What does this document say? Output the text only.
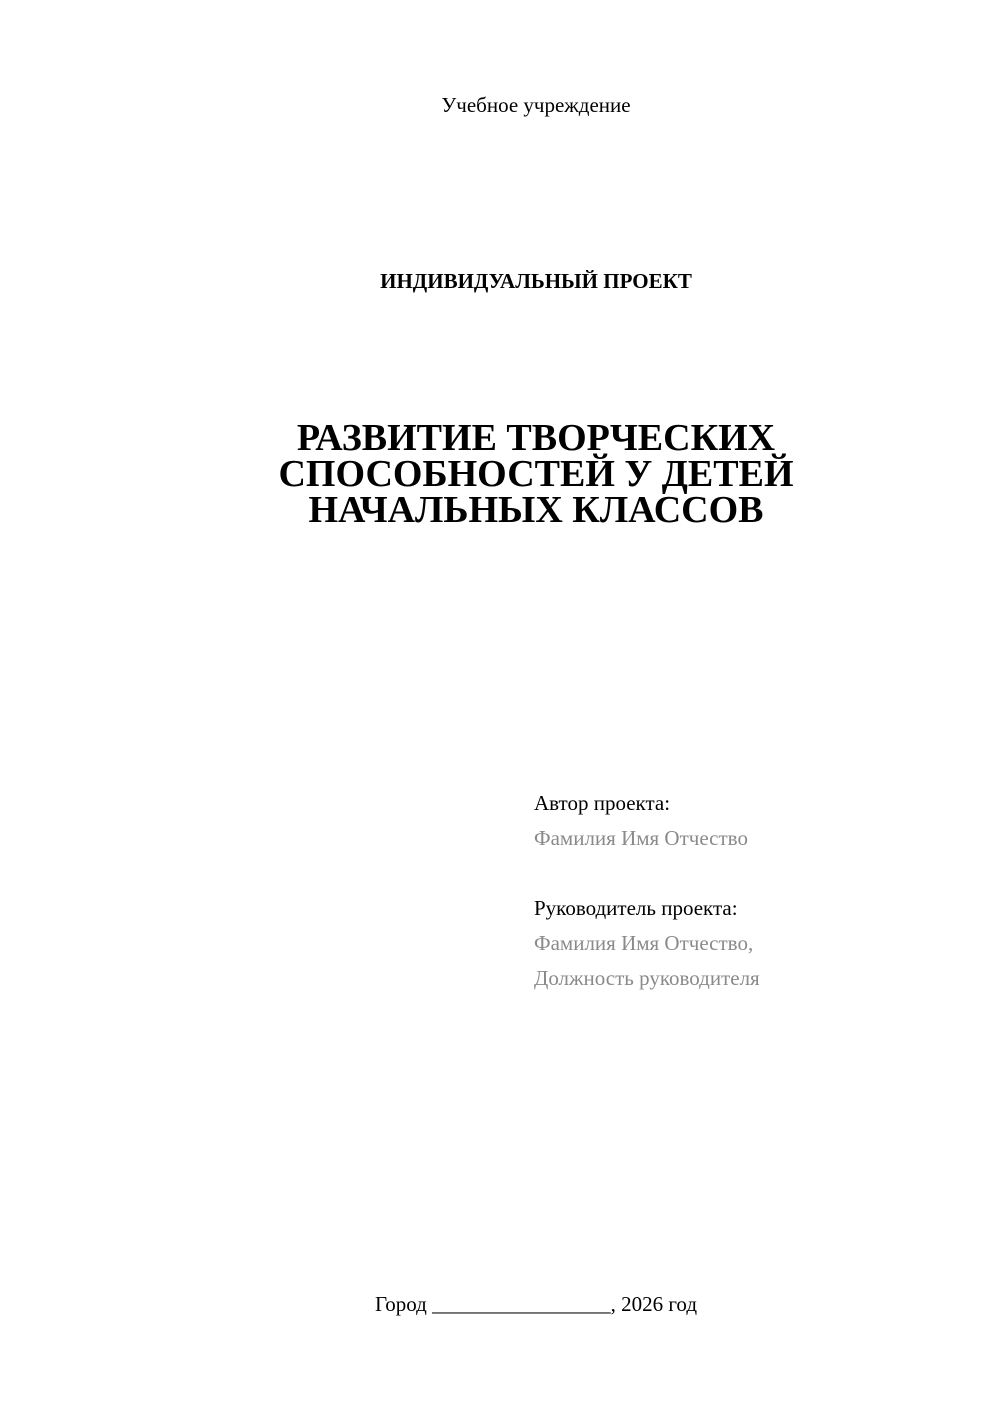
Учебное учреждение
ИНДИВИДУАЛЬНЫЙ ПРОЕКТ
РАЗВИТИЕ ТВОРЧЕСКИХ
СПОСОБНОСТЕЙ У ДЕТЕЙ
НАЧАЛЬНЫХ КЛАССОВ
Автор проекта:
Фамилия Имя Отчество
Руководитель проекта:
Фамилия Имя Отчество,
Должность руководителя
Город _________________, 2026 год
